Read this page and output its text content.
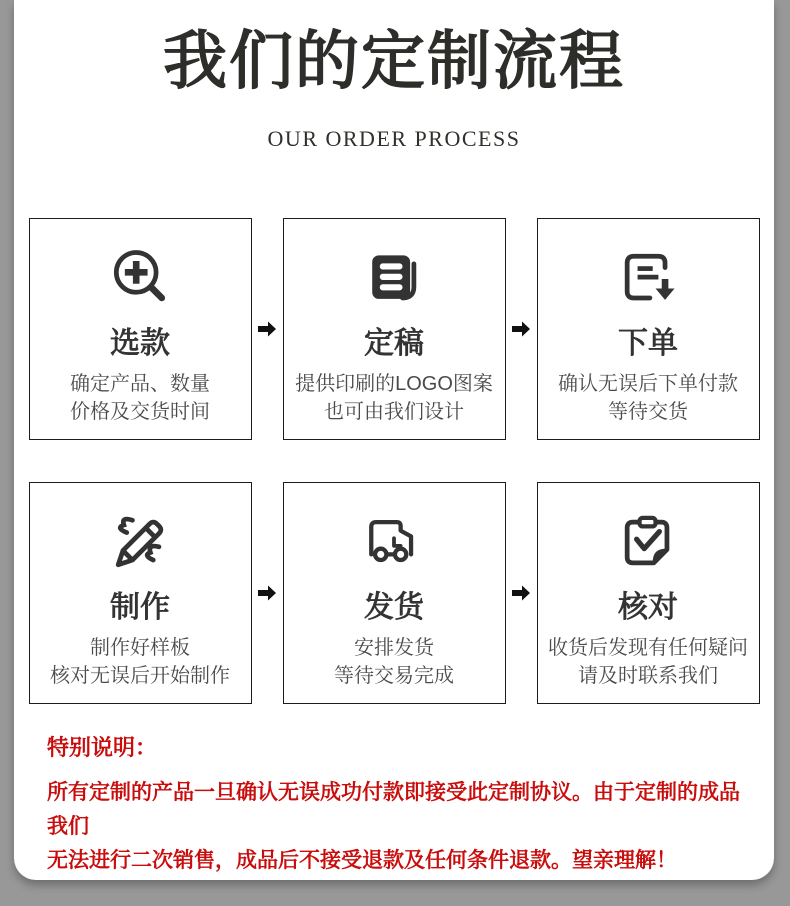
我们的定制流程
OUR ORDER PROCESS
选款
确定产品、数量
价格及交货时间
定稿
提供印刷的LOGO图案
也可由我们设计
下单
确认无误后下单付款
等待交货
制作
制作好样板
核对无误后开始制作
发货
安排发货
等待交易完成
核对
收货后发现有任何疑问
请及时联系我们
特别说明：
所有定制的产品一旦确认无误成功付款即接受此定制协议。由于定制的成品我们
无法进行二次销售，成品后不接受退款及任何条件退款。望亲理解！
